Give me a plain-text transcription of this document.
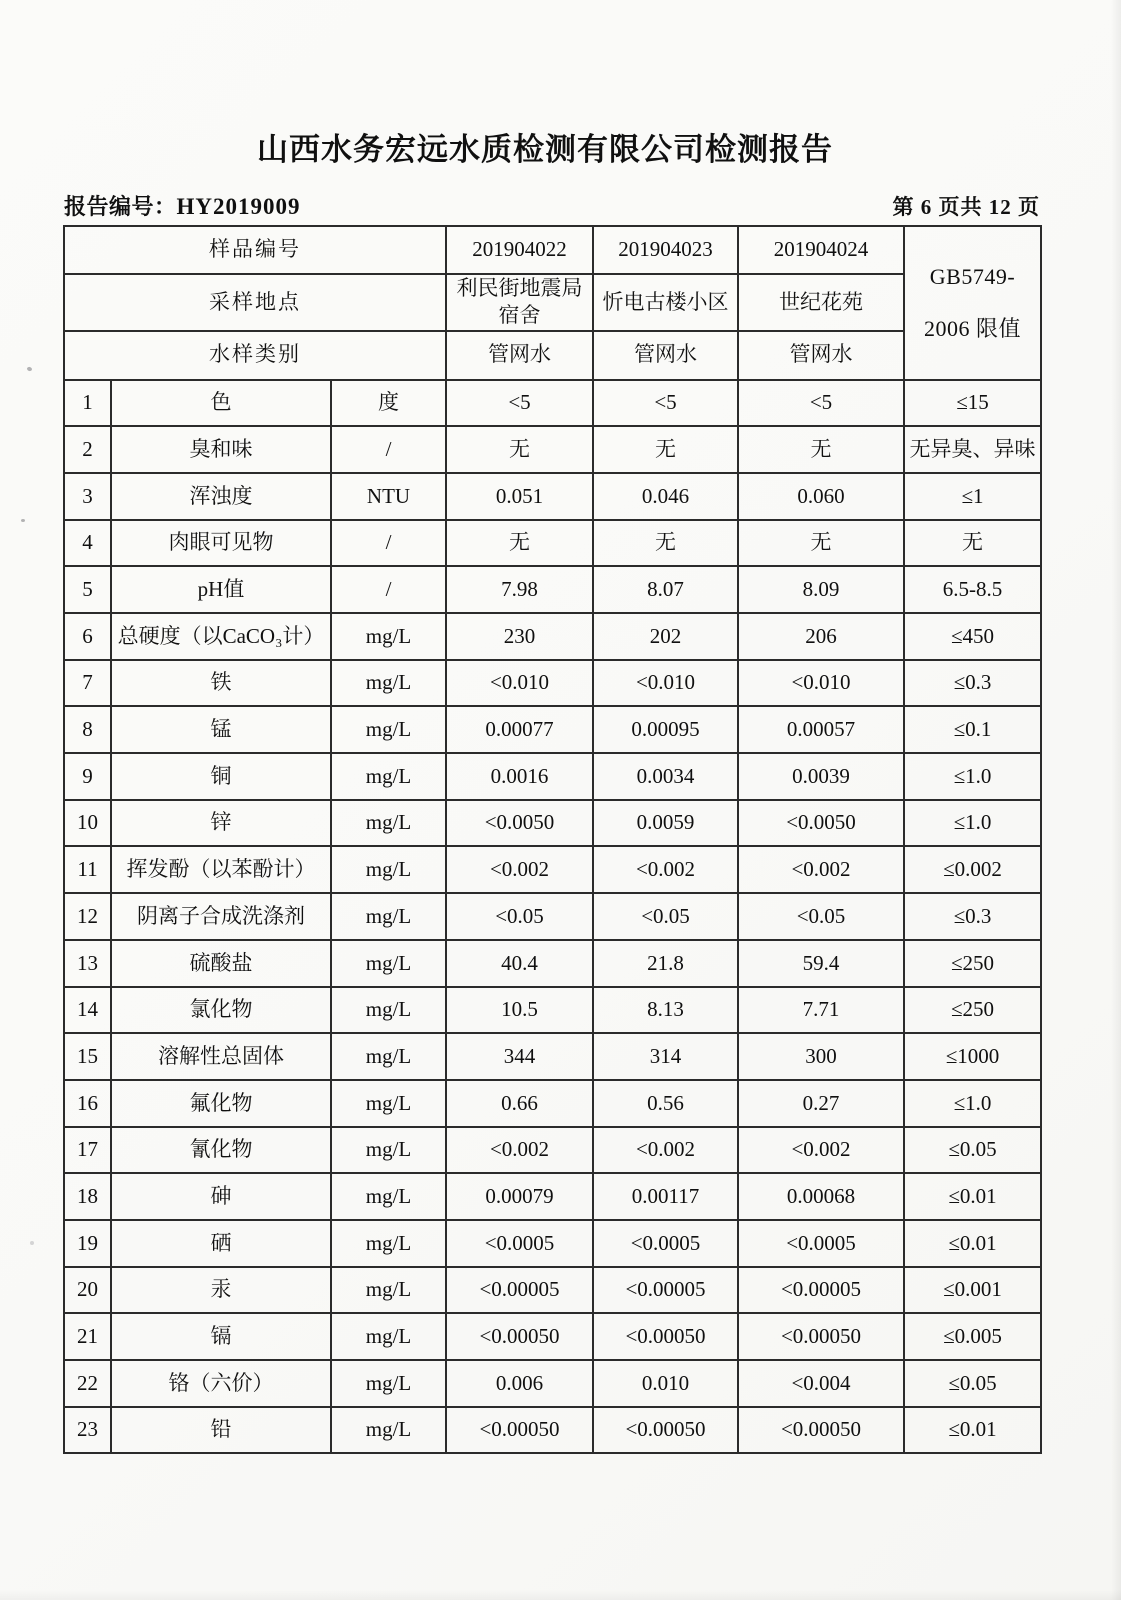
山西水务宏远水质检测有限公司检测报告
报告编号：HY2019009	第 6 页共 12 页
样品编号			201904022	201904023	201904024	GB5749-
2006 限值

采样地点			利民街地震局宿舍	忻电古楼小区	世纪花苑	
水样类别			管网水	管网水	管网水	
1	色	度	<5	<5	<5	≤15
2	臭和味	/	无	无	无	无异臭、异味
3	浑浊度	NTU	0.051	0.046	0.060	≤1
4	肉眼可见物	/	无	无	无	无
5	pH值	/	7.98	8.07	8.09	6.5-8.5
6	总硬度（以CaCO₃计）	mg/L	230	202	206	≤450
7	铁	mg/L	<0.010	<0.010	<0.010	≤0.3
8	锰	mg/L	0.00077	0.00095	0.00057	≤0.1
9	铜	mg/L	0.0016	0.0034	0.0039	≤1.0
10	锌	mg/L	<0.0050	0.0059	<0.0050	≤1.0
11	挥发酚（以苯酚计）	mg/L	<0.002	<0.002	<0.002	≤0.002
12	阴离子合成洗涤剂	mg/L	<0.05	<0.05	<0.05	≤0.3
13	硫酸盐	mg/L	40.4	21.8	59.4	≤250
14	氯化物	mg/L	10.5	8.13	7.71	≤250
15	溶解性总固体	mg/L	344	314	300	≤1000
16	氟化物	mg/L	0.66	0.56	0.27	≤1.0
17	氰化物	mg/L	<0.002	<0.002	<0.002	≤0.05
18	砷	mg/L	0.00079	0.00117	0.00068	≤0.01
19	硒	mg/L	<0.0005	<0.0005	<0.0005	≤0.01
20	汞	mg/L	<0.00005	<0.00005	<0.00005	≤0.001
21	镉	mg/L	<0.00050	<0.00050	<0.00050	≤0.005
22	铬（六价）	mg/L	0.006	0.010	<0.004	≤0.05
23	铅	mg/L	<0.00050	<0.00050	<0.00050	≤0.01
